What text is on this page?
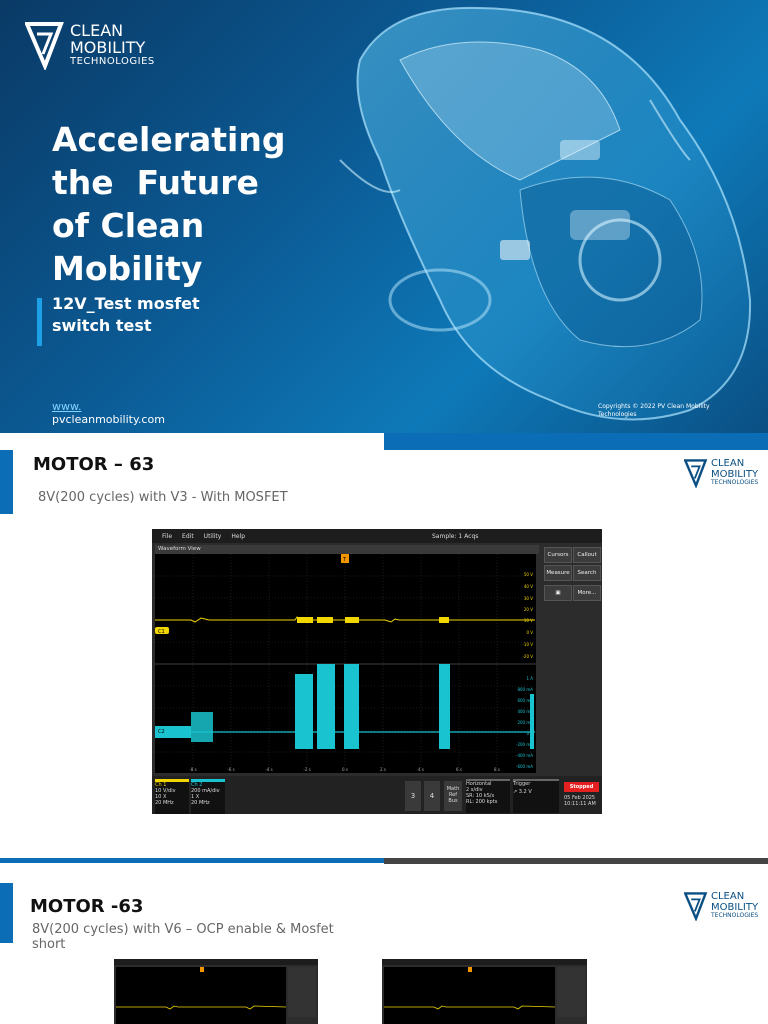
CLEAN
MOBILITY
TECHNOLOGIES
Accelerating
the  Future
of Clean
Mobility
12V_Test mosfet
switch test
www.
pvcleanmobility.com
Copyrights © 2022 PV Clean Mobility
Technologies
MOTOR – 63
8V(200 cycles) with V3 - With MOSFET
CLEAN
MOBILITY
TECHNOLOGIES
File Edit Utility Help	Sample: 1 Acqs
Waveform View
C1
C2
T
50 V
40 V
30 V
20 V
10 V
0 V
-10 V
-20 V
1 A
800 mA
600 mA
400 mA
200 mA
0 A
-200 mA
-400 mA
-600 mA
-8 s	-6 s	-4 s	-2 s	0 s	2 s	4 s	6 s	8 s
Cursors	Callout
Measure	Search
▣	More...
Ch 1
10 V/div
10 X
20 MHz
Ch 2
200 mA/div
1 X
20 MHz
3	4
Math
Ref
Bus
Horizontal
2 s/div
SR: 10 kS/s
RL: 200 kpts
Trigger
↗ 3.2 V
Stopped
05 Feb 2025
10:11:11 AM
MOTOR -63
8V(200 cycles) with V6 – OCP enable & Mosfet
short
CLEAN
MOBILITY
TECHNOLOGIES
